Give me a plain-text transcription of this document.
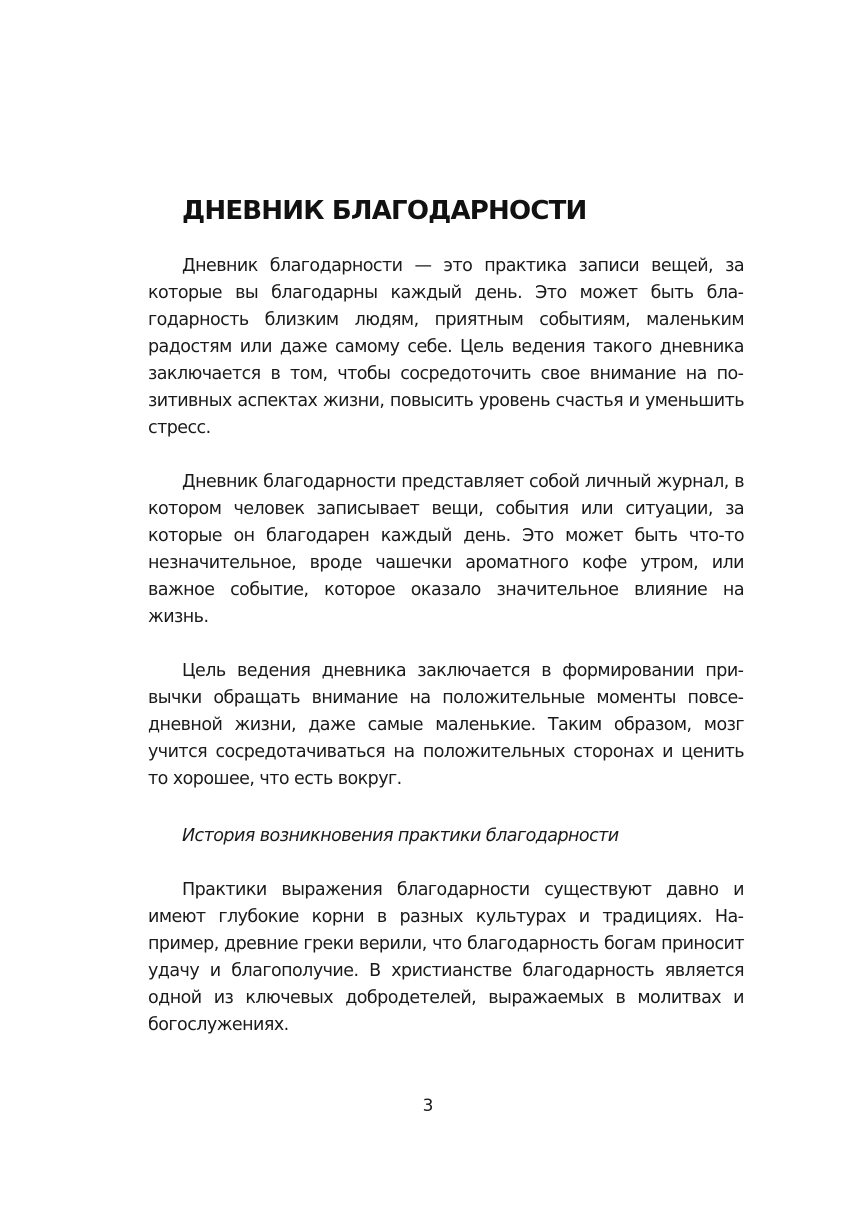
ДНЕВНИК БЛАГОДАРНОСТИ

Дневник благодарности — это практика записи вещей, за которые вы благодарны каждый день. Это может быть благодарность близким людям, приятным событиям, маленьким радостям или даже самому себе. Цель ведения такого дневника заключается в том, чтобы сосредоточить свое внимание на позитивных аспектах жизни, повысить уровень счастья и уменьшить стресс.

Дневник благодарности представляет собой личный журнал, в котором человек записывает вещи, события или ситуации, за которые он благодарен каждый день. Это может быть что-то незначительное, вроде чашечки ароматного кофе утром, или важное событие, которое оказало значительное влияние на жизнь.

Цель ведения дневника заключается в формировании привычки обращать внимание на положительные моменты повседневной жизни, даже самые маленькие. Таким образом, мозг учится сосредотачиваться на положительных сторонах и ценить то хорошее, что есть вокруг.

История возникновения практики благодарности

Практики выражения благодарности существуют давно и имеют глубокие корни в разных культурах и традициях. Например, древние греки верили, что благодарность богам приносит удачу и благополучие. В христианстве благодарность является одной из ключевых добродетелей, выражаемых в молитвах и богослужениях.

3
